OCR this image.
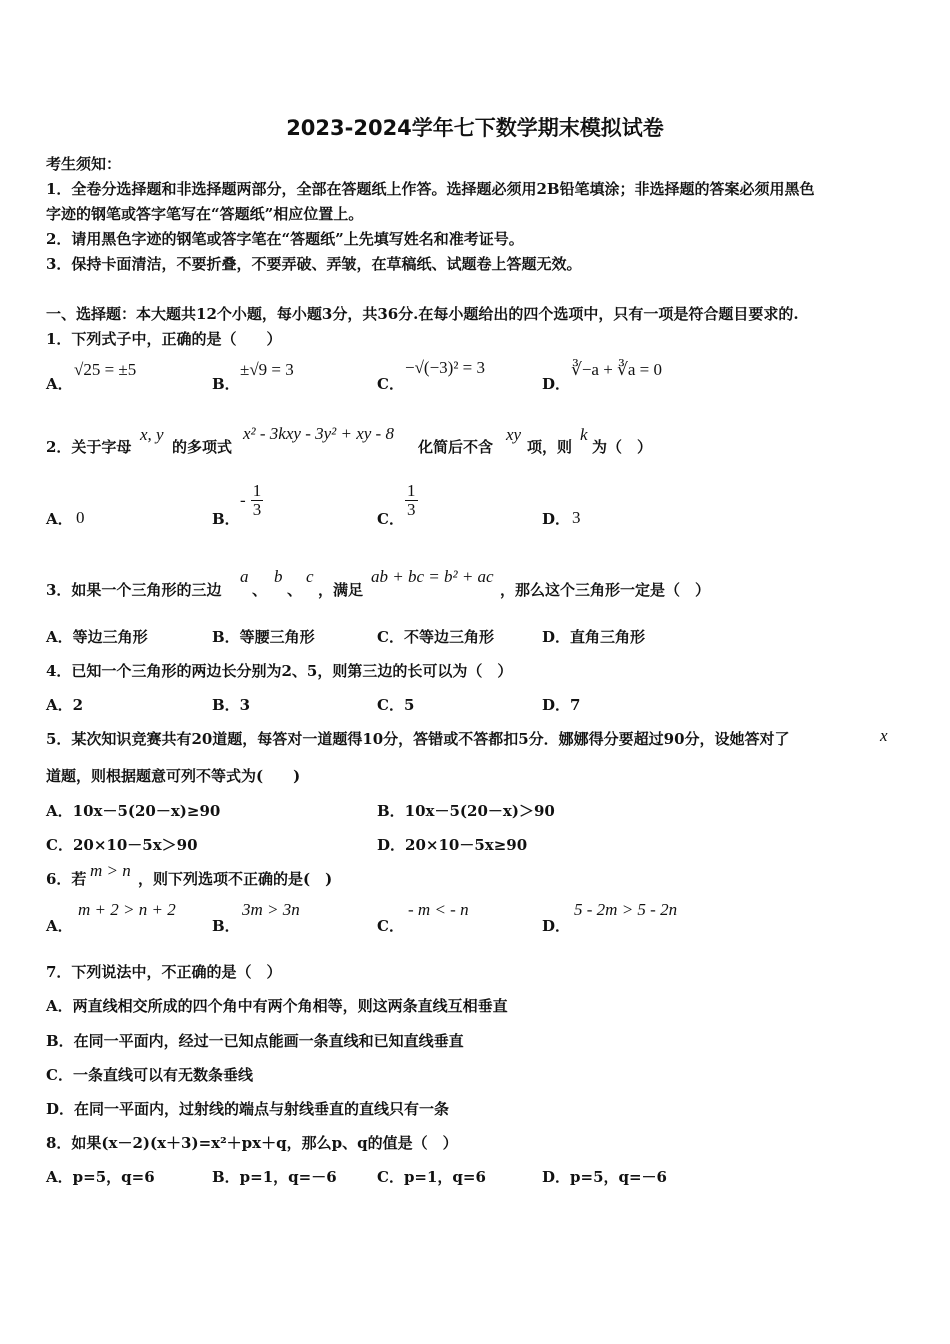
2023-2024学年七下数学期末模拟试卷
考生须知：
1．全卷分选择题和非选择题两部分，全部在答题纸上作答。选择题必须用2B铅笔填涂；非选择题的答案必须用黑色
字迹的钢笔或答字笔写在“答题纸”相应位置上。
2．请用黑色字迹的钢笔或答字笔在“答题纸”上先填写姓名和准考证号。
3．保持卡面清洁，不要折叠，不要弄破、弄皱，在草稿纸、试题卷上答题无效。
一、选择题：本大题共12个小题，每小题3分，共36分.在每小题给出的四个选项中，只有一项是符合题目要求的.
1．下列式子中，正确的是（　　）
A．
√25 = ±5
B．
±√9 = 3
C．
−√(−3)² = 3
D．
∛−a + ∛a = 0
2．关于字母
x, y
的多项式
x² - 3kxy - 3y² + xy - 8
化简后不含
xy
项，则
k
为（　）
A． 0	B．
- $\frac{1}{3}$	C． $\frac{1}{3}$	D． 3
3．如果一个三角形的三边
a
、
b
、
c
，满足
ab + bc = b² + ac
，那么这个三角形一定是（　）
A．等边三角形	B．等腰三角形	C．不等边三角形	D．直角三角形
4．已知一个三角形的两边长分别为2、5，则第三边的长可以为（　）
A．2	B．3	C．5	D．7
5．某次知识竞赛共有20道题，每答对一道题得10分，答错或不答都扣5分．娜娜得分要超过90分，设她答对了	x
道题，则根据题意可列不等式为(　　)
A．10x－5(20－x)≥90	B．10x－5(20－x)＞90
C．20×10－5x＞90	D．20×10－5x≥90
6．若 m > n ，则下列选项不正确的是(　)
A．
m + 2 > n + 2
B．
3m > 3n
C．
- m < - n
D．
5 - 2m > 5 - 2n
7．下列说法中，不正确的是（　）
A．两直线相交所成的四个角中有两个角相等，则这两条直线互相垂直
B．在同一平面内，经过一已知点能画一条直线和已知直线垂直
C．一条直线可以有无数条垂线
D．在同一平面内，过射线的端点与射线垂直的直线只有一条
8．如果(x－2)(x＋3)=x²＋px＋q，那么p、q的值是（　）
A．p=5，q=6	B．p=1，q=－6	C．p=1，q=6	D．p=5，q=－6
